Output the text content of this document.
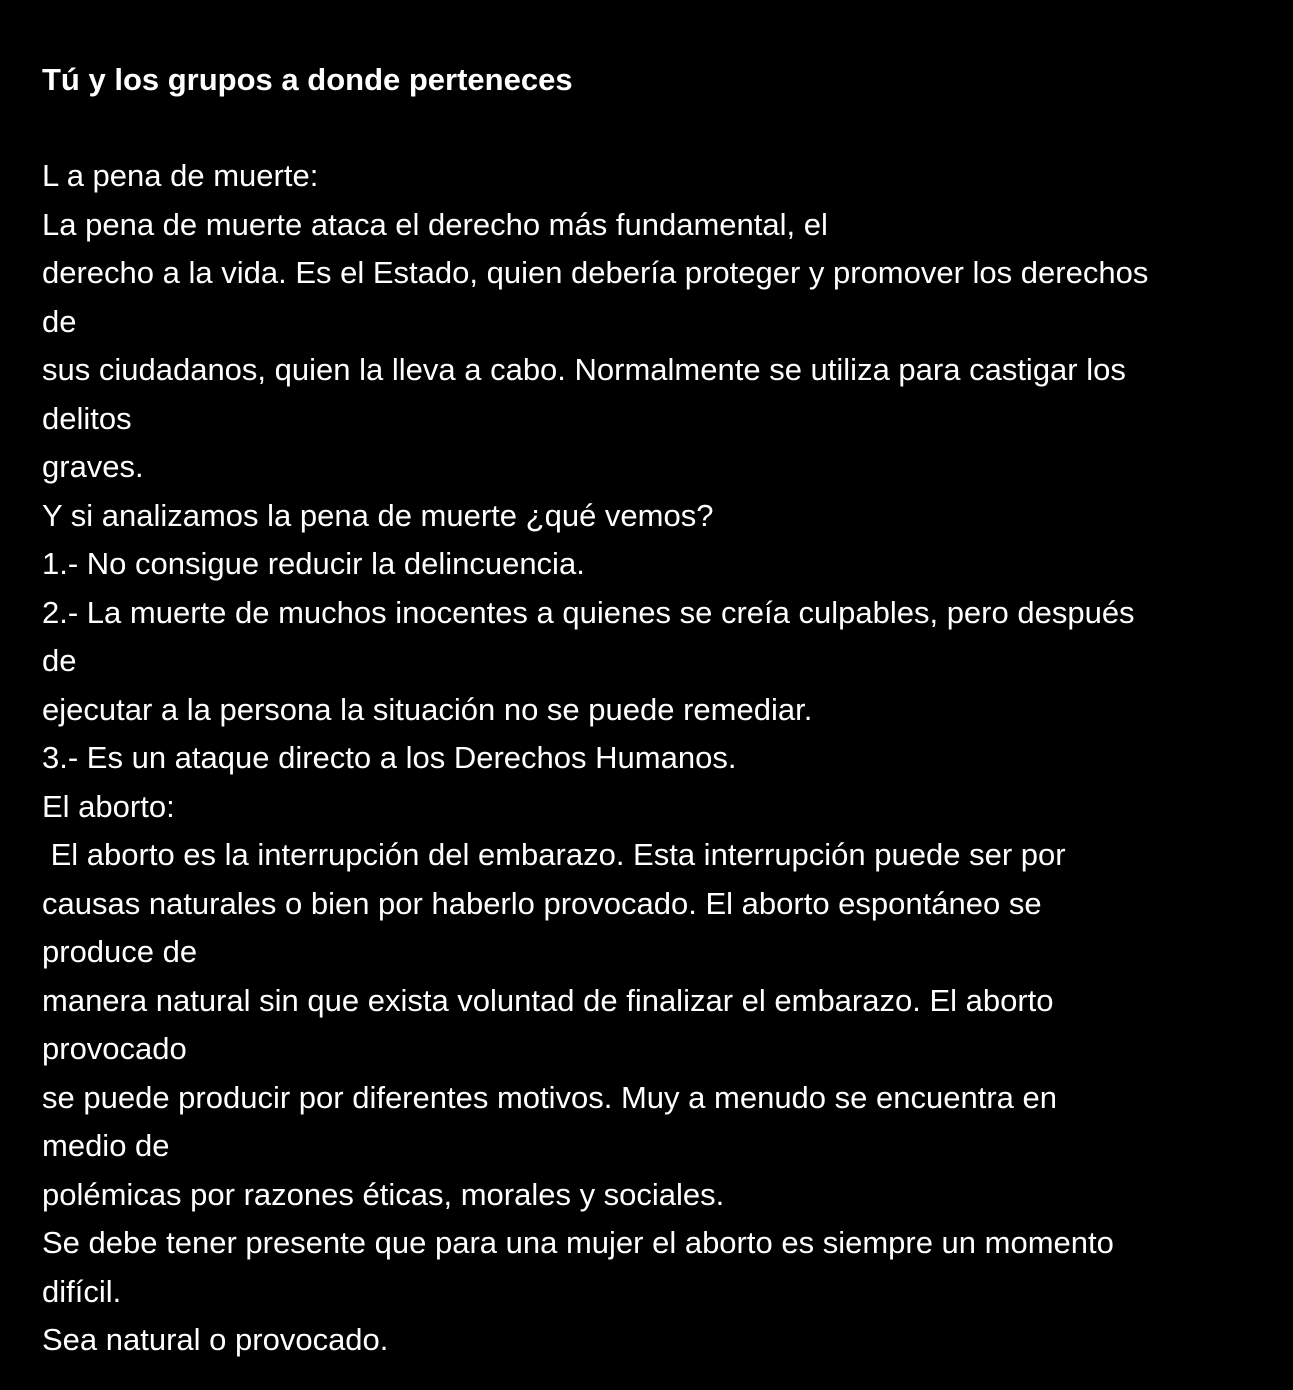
Tú y los grupos a donde perteneces

L a pena de muerte:

La pena de muerte ataca el derecho más fundamental, el

derecho a la vida. Es el Estado, quien debería proteger y promover los derechos

de

sus ciudadanos, quien la lleva a cabo. Normalmente se utiliza para castigar los

delitos

graves.

Y si analizamos la pena de muerte ¿qué vemos?

1.- No consigue reducir la delincuencia.

2.- La muerte de muchos inocentes a quienes se creía culpables, pero después

de

ejecutar a la persona la situación no se puede remediar.

3.- Es un ataque directo a los Derechos Humanos.

El aborto:

El aborto es la interrupción del embarazo. Esta interrupción puede ser por

causas naturales o bien por haberlo provocado. El aborto espontáneo se

produce de

manera natural sin que exista voluntad de finalizar el embarazo. El aborto

provocado

se puede producir por diferentes motivos. Muy a menudo se encuentra en

medio de

polémicas por razones éticas, morales y sociales.

Se debe tener presente que para una mujer el aborto es siempre un momento

difícil.

Sea natural o provocado.
